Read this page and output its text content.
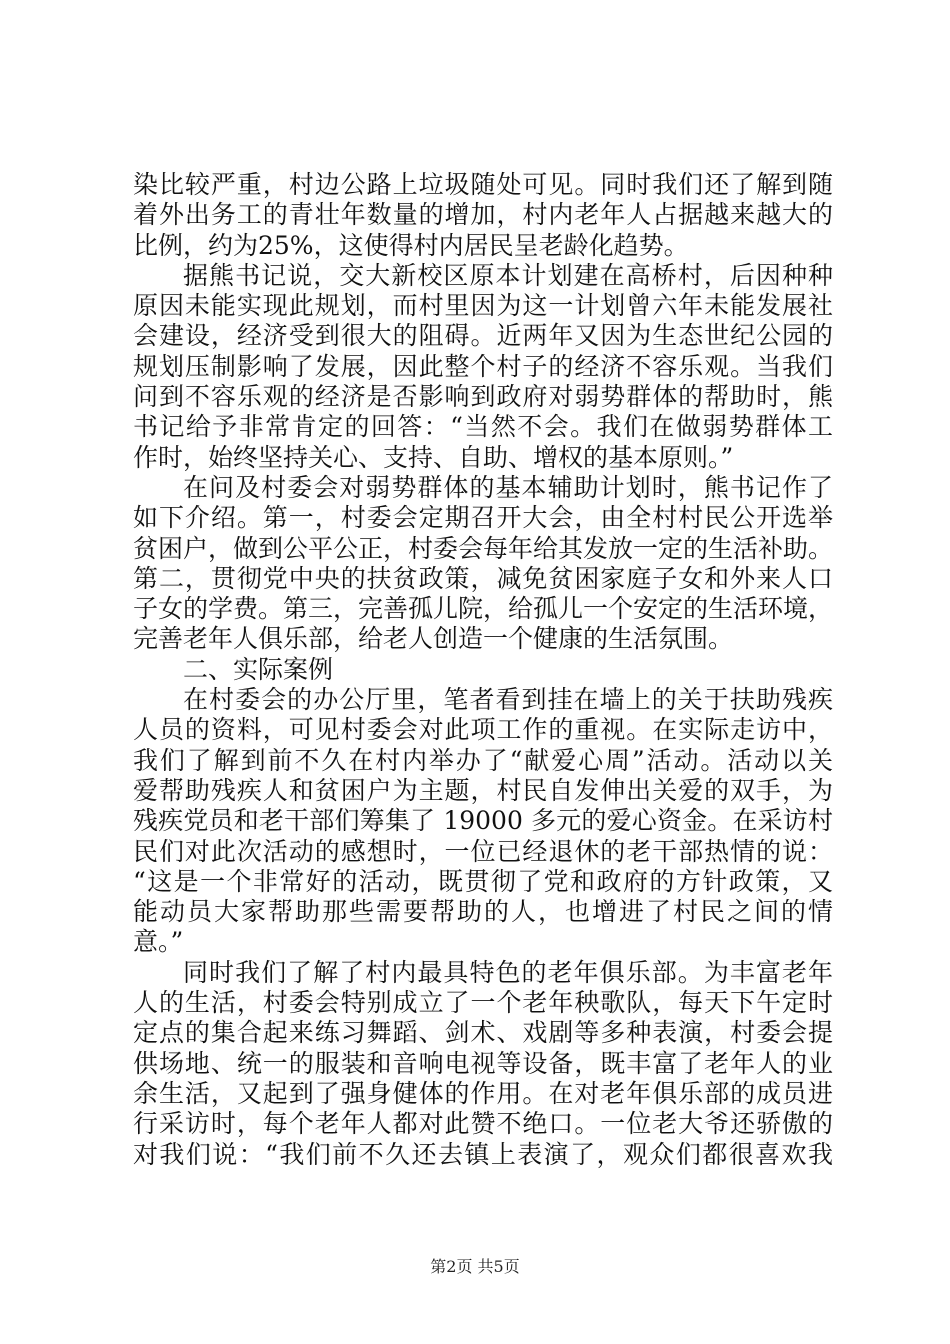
染比较严重，村边公路上垃圾随处可见。同时我们还了解到随
着外出务工的青壮年数量的增加，村内老年人占据越来越大的
比例，约为25%，这使得村内居民呈老龄化趋势。
据熊书记说，交大新校区原本计划建在高桥村，后因种种
原因未能实现此规划，而村里因为这一计划曾六年未能发展社
会建设，经济受到很大的阻碍。近两年又因为生态世纪公园的
规划压制影响了发展，因此整个村子的经济不容乐观。当我们
问到不容乐观的经济是否影响到政府对弱势群体的帮助时，熊
书记给予非常肯定的回答：“当然不会。我们在做弱势群体工
作时，始终坚持关心、支持、自助、增权的基本原则。”
在问及村委会对弱势群体的基本辅助计划时，熊书记作了
如下介绍。第一，村委会定期召开大会，由全村村民公开选举
贫困户，做到公平公正，村委会每年给其发放一定的生活补助。
第二，贯彻党中央的扶贫政策，减免贫困家庭子女和外来人口
子女的学费。第三，完善孤儿院，给孤儿一个安定的生活环境，
完善老年人俱乐部，给老人创造一个健康的生活氛围。
二、实际案例
在村委会的办公厅里，笔者看到挂在墙上的关于扶助残疾
人员的资料，可见村委会对此项工作的重视。在实际走访中，
我们了解到前不久在村内举办了“献爱心周”活动。活动以关
爱帮助残疾人和贫困户为主题，村民自发伸出关爱的双手，为
残疾党员和老干部们筹集了 19000 多元的爱心资金。在采访村
民们对此次活动的感想时，一位已经退休的老干部热情的说：
“这是一个非常好的活动，既贯彻了党和政府的方针政策，又
能动员大家帮助那些需要帮助的人，也增进了村民之间的情
意。”
同时我们了解了村内最具特色的老年俱乐部。为丰富老年
人的生活，村委会特别成立了一个老年秧歌队，每天下午定时
定点的集合起来练习舞蹈、剑术、戏剧等多种表演，村委会提
供场地、统一的服装和音响电视等设备，既丰富了老年人的业
余生活，又起到了强身健体的作用。在对老年俱乐部的成员进
行采访时，每个老年人都对此赞不绝口。一位老大爷还骄傲的
对我们说：“我们前不久还去镇上表演了，观众们都很喜欢我
第2页 共5页
